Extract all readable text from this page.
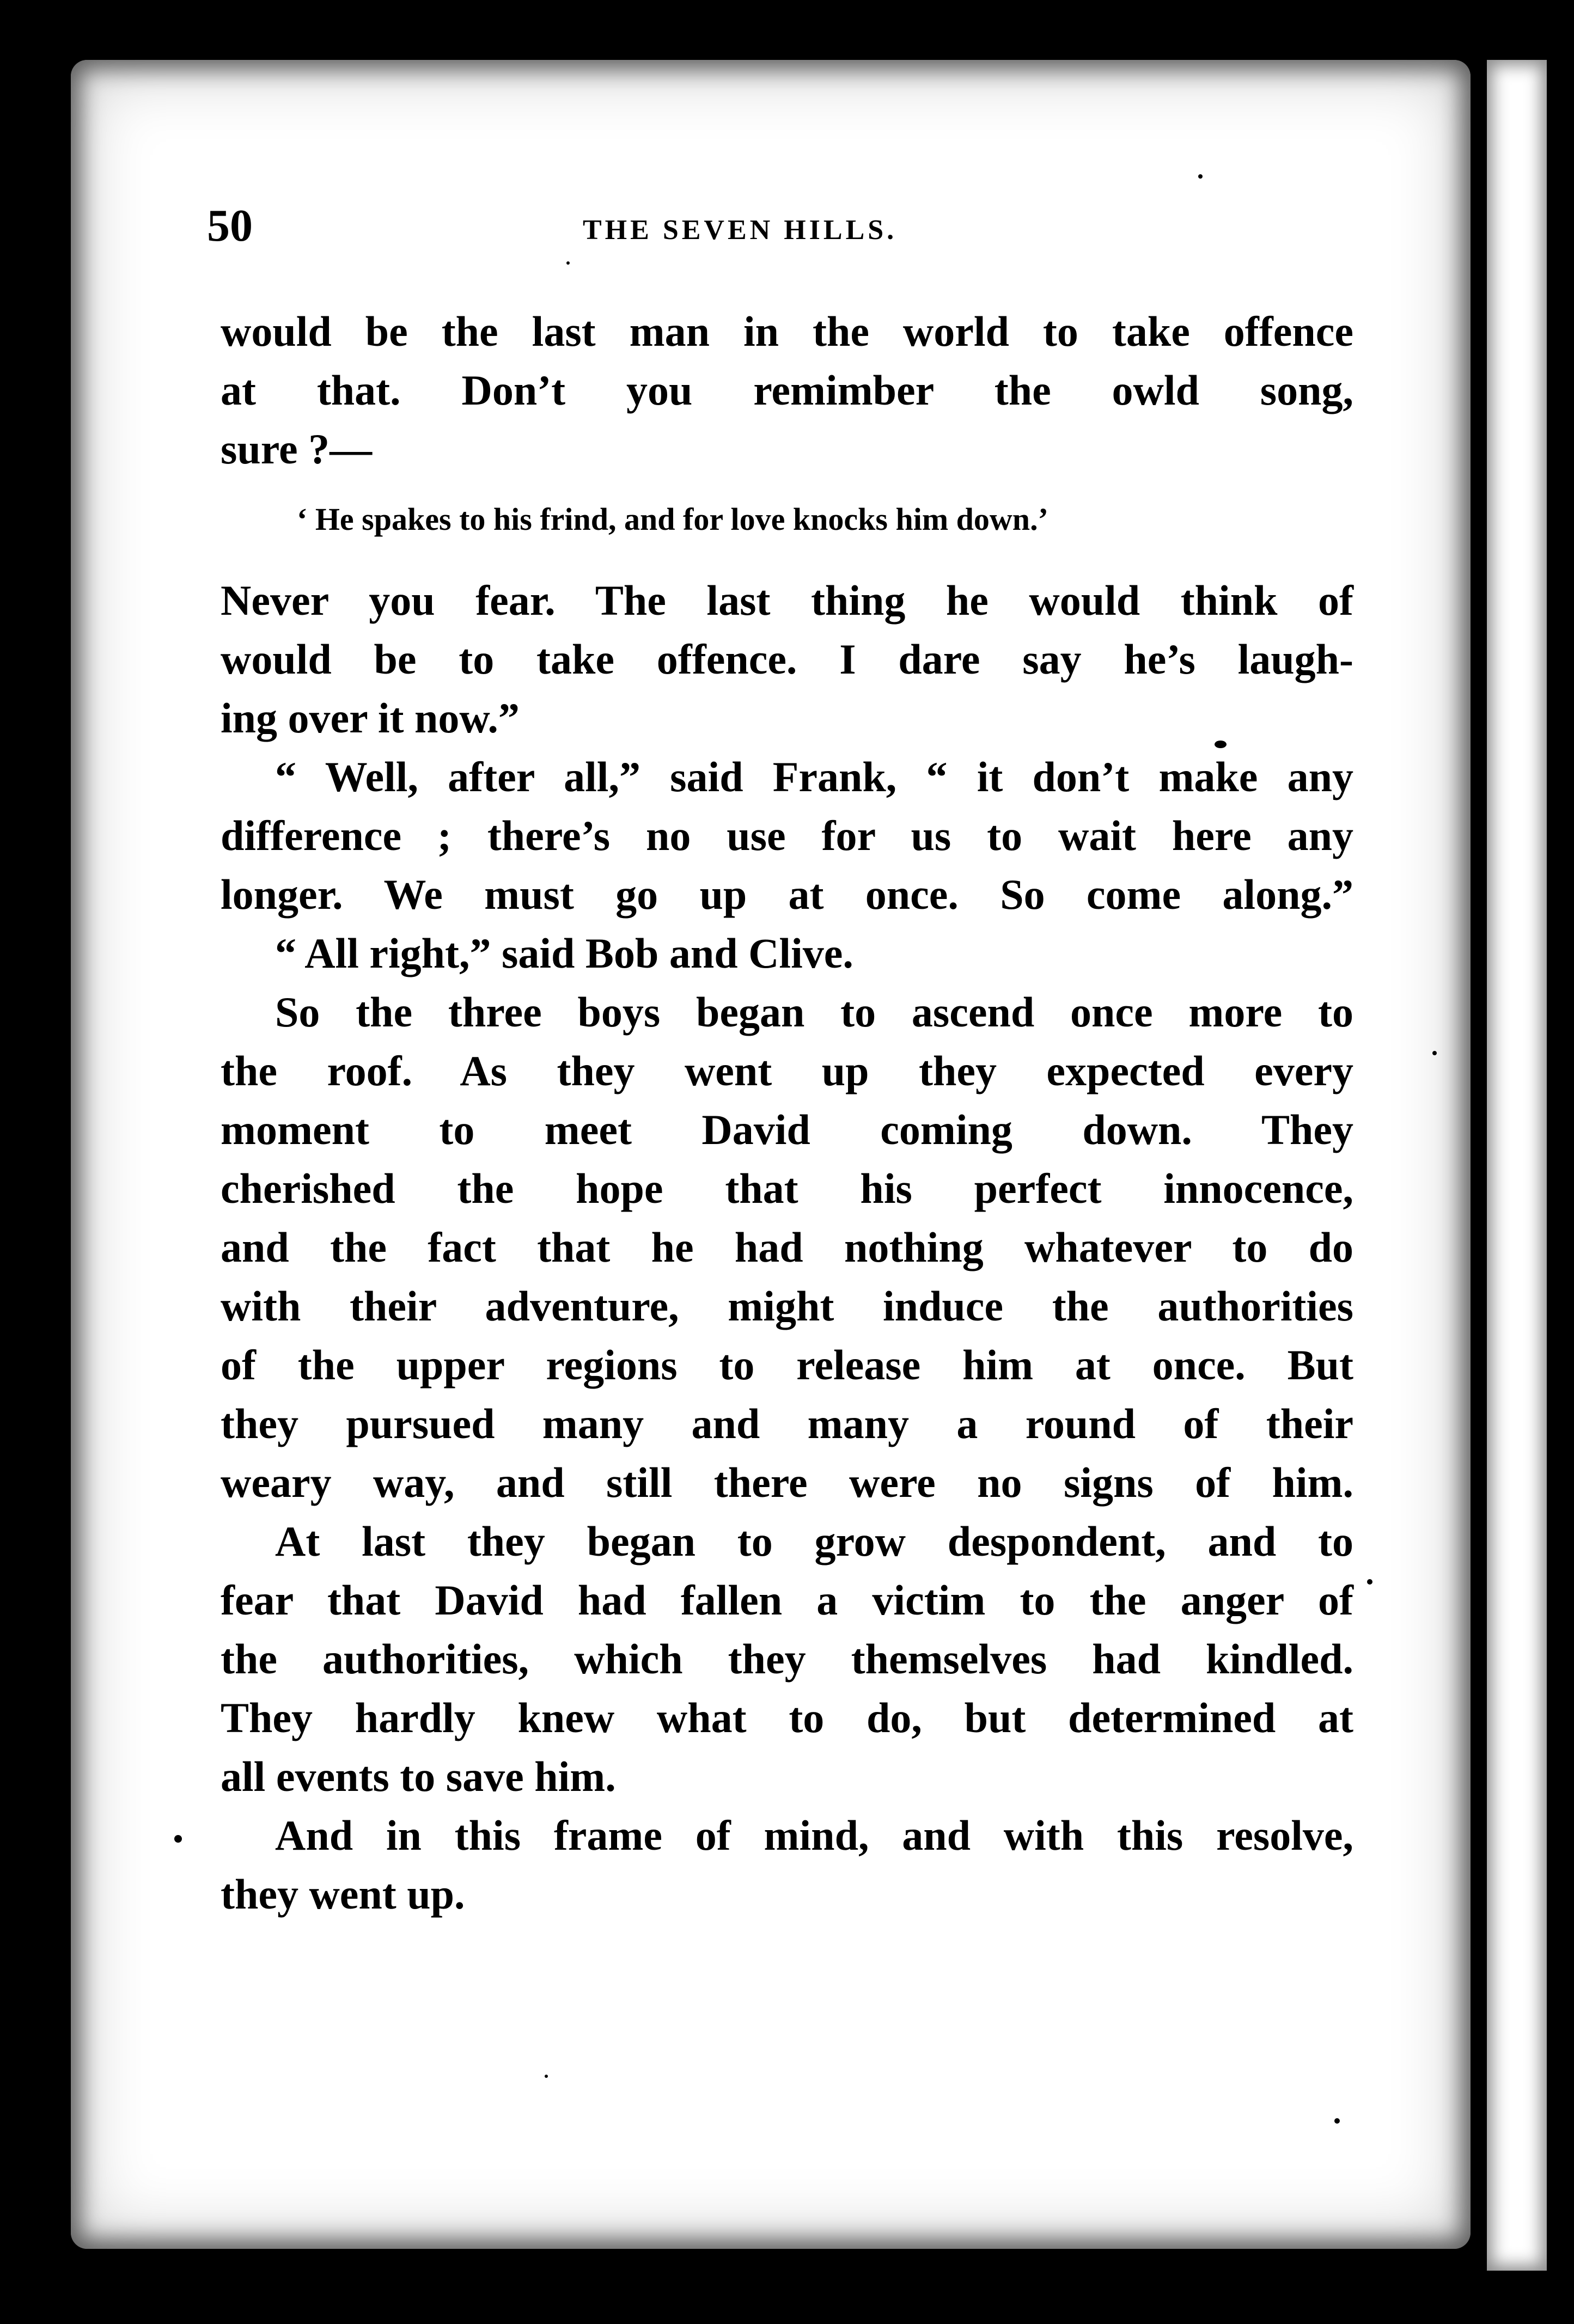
50	THE SEVEN HILLS.
would be the last man in the world to take offence
at that. Don’t you remimber the owld song,
sure ?—
‘ He spakes to his frind, and for love knocks him down.’
Never you fear. The last thing he would think of
would be to take offence. I dare say he’s laugh-
ing over it now.”
“ Well, after all,” said Frank, “ it don’t make any
difference ; there’s no use for us to wait here any
longer. We must go up at once. So come along.”
“ All right,” said Bob and Clive.
So the three boys began to ascend once more to
the roof. As they went up they expected every
moment to meet David coming down. They
cherished the hope that his perfect innocence,
and the fact that he had nothing whatever to do
with their adventure, might induce the authorities
of the upper regions to release him at once. But
they pursued many and many a round of their
weary way, and still there were no signs of him.
At last they began to grow despondent, and to
fear that David had fallen a victim to the anger of
the authorities, which they themselves had kindled.
They hardly knew what to do, but determined at
all events to save him.
And in this frame of mind, and with this resolve,
they went up.
